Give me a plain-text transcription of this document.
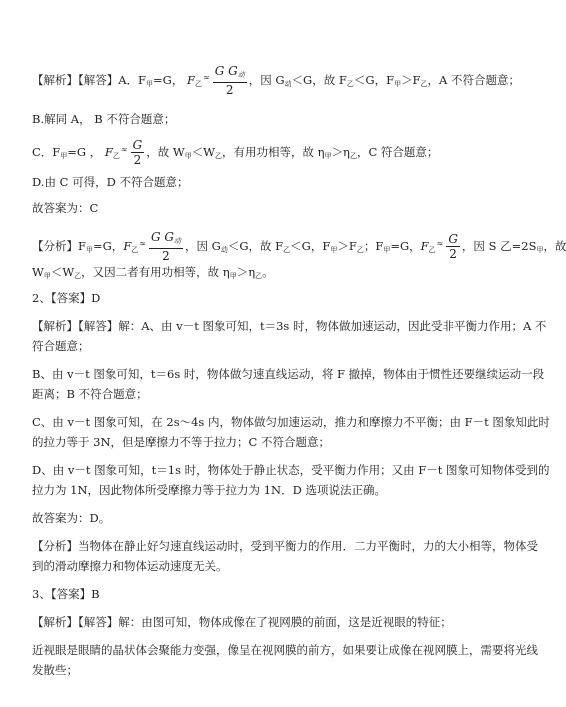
【解析】【解答】A．$F_甲=G$， $F_乙^\approx \frac{G G_动}{2}$ ，因 $G_动<G$，故 $F_乙<G$，$F_甲>F_乙$，A 不符合题意；
B.解同 A， B 不符合题意；
C．$F_甲=G$ ， $F_乙^\approx \frac{G}{2}$ ，故 $W_甲<W_乙$，有用功相等，故 $\eta_甲>\eta_乙$，C 符合题意；
D.由 C 可得，D 不符合题意；
故答案为：C
【分析】$F_甲=G$，$F_乙^\approx \frac{G G_动}{2}$ ，因 $G_动<G$，故 $F_乙<G$，$F_甲>F_乙$；$F_甲=G$，$F_乙^\approx \frac{G}{2}$ ，因 S 乙$=2S_甲$，故
$W_甲<W_乙$，又因二者有用功相等，故 $\eta_甲>\eta_乙$。
2、【答案】D
【解析】【解答】解：A、由 v－t 图象可知，t＝3s 时，物体做加速运动，因此受非平衡力作用；A 不
符合题意；
B、由 v－t 图象可知，t＝6s 时，物体做匀速直线运动，将 F 撤掉，物体由于惯性还要继续运动一段
距离；B 不符合题意；
C、由 v－t 图象可知，在 2s～4s 内，物体做匀加速运动，推力和摩擦力不平衡；由 F－t 图象知此时
的拉力等于 3N，但是摩擦力不等于拉力；C 不符合题意；
D、由 v－t 图象可知，t＝1s 时，物体处于静止状态，受平衡力作用；又由 F－t 图象可知物体受到的
拉力为 1N，因此物体所受摩擦力等于拉力为 1N．D 选项说法正确。
故答案为：D。
【分析】当物体在静止好匀速直线运动时，受到平衡力的作用．二力平衡时，力的大小相等，物体受
到的滑动摩擦力和物体运动速度无关。
3、【答案】B
【解析】【解答】解：由图可知，物体成像在了视网膜的前面，这是近视眼的特征；
近视眼是眼睛的晶状体会聚能力变强，像呈在视网膜的前方，如果要让成像在视网膜上，需要将光线
发散些；
